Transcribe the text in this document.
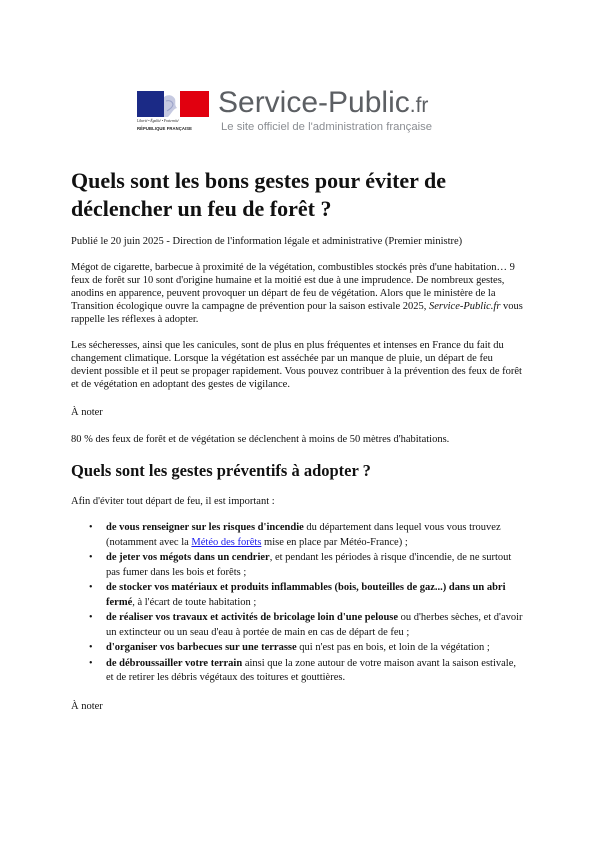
Liberté • Égalité • Fraternité
RÉPUBLIQUE FRANÇAISE
Service-Public.fr
Le site officiel de l'administration française
Quels sont les bons gestes pour éviter de déclencher un feu de forêt ?

Publié le 20 juin 2025 - Direction de l'information légale et administrative (Premier ministre)

Mégot de cigarette, barbecue à proximité de la végétation, combustibles stockés près d'une habitation… 9 feux de forêt sur 10 sont d'origine humaine et la moitié est due à une imprudence. De nombreux gestes, anodins en apparence, peuvent provoquer un départ de feu de végétation. Alors que le ministère de la Transition écologique ouvre la campagne de prévention pour la saison estivale 2025, Service-Public.fr vous rappelle les réflexes à adopter.

Les sécheresses, ainsi que les canicules, sont de plus en plus fréquentes et intenses en France du fait du changement climatique. Lorsque la végétation est asséchée par un manque de pluie, un départ de feu devient possible et il peut se propager rapidement. Vous pouvez contribuer à la prévention des feux de forêt et de végétation en adoptant des gestes de vigilance.

À noter

80 % des feux de forêt et de végétation se déclenchent à moins de 50 mètres d'habitations.

Quels sont les gestes préventifs à adopter ?

Afin d'éviter tout départ de feu, il est important :

• de vous renseigner sur les risques d'incendie du département dans lequel vous vous trouvez (notamment avec la Météo des forêts mise en place par Météo-France) ;
• de jeter vos mégots dans un cendrier, et pendant les périodes à risque d'incendie, de ne surtout pas fumer dans les bois et forêts ;
• de stocker vos matériaux et produits inflammables (bois, bouteilles de gaz...) dans un abri fermé, à l'écart de toute habitation ;
• de réaliser vos travaux et activités de bricolage loin d'une pelouse ou d'herbes sèches, et d'avoir un extincteur ou un seau d'eau à portée de main en cas de départ de feu ;
• d'organiser vos barbecues sur une terrasse qui n'est pas en bois, et loin de la végétation ;
• de débroussailler votre terrain ainsi que la zone autour de votre maison avant la saison estivale, et de retirer les débris végétaux des toitures et gouttières.

À noter
